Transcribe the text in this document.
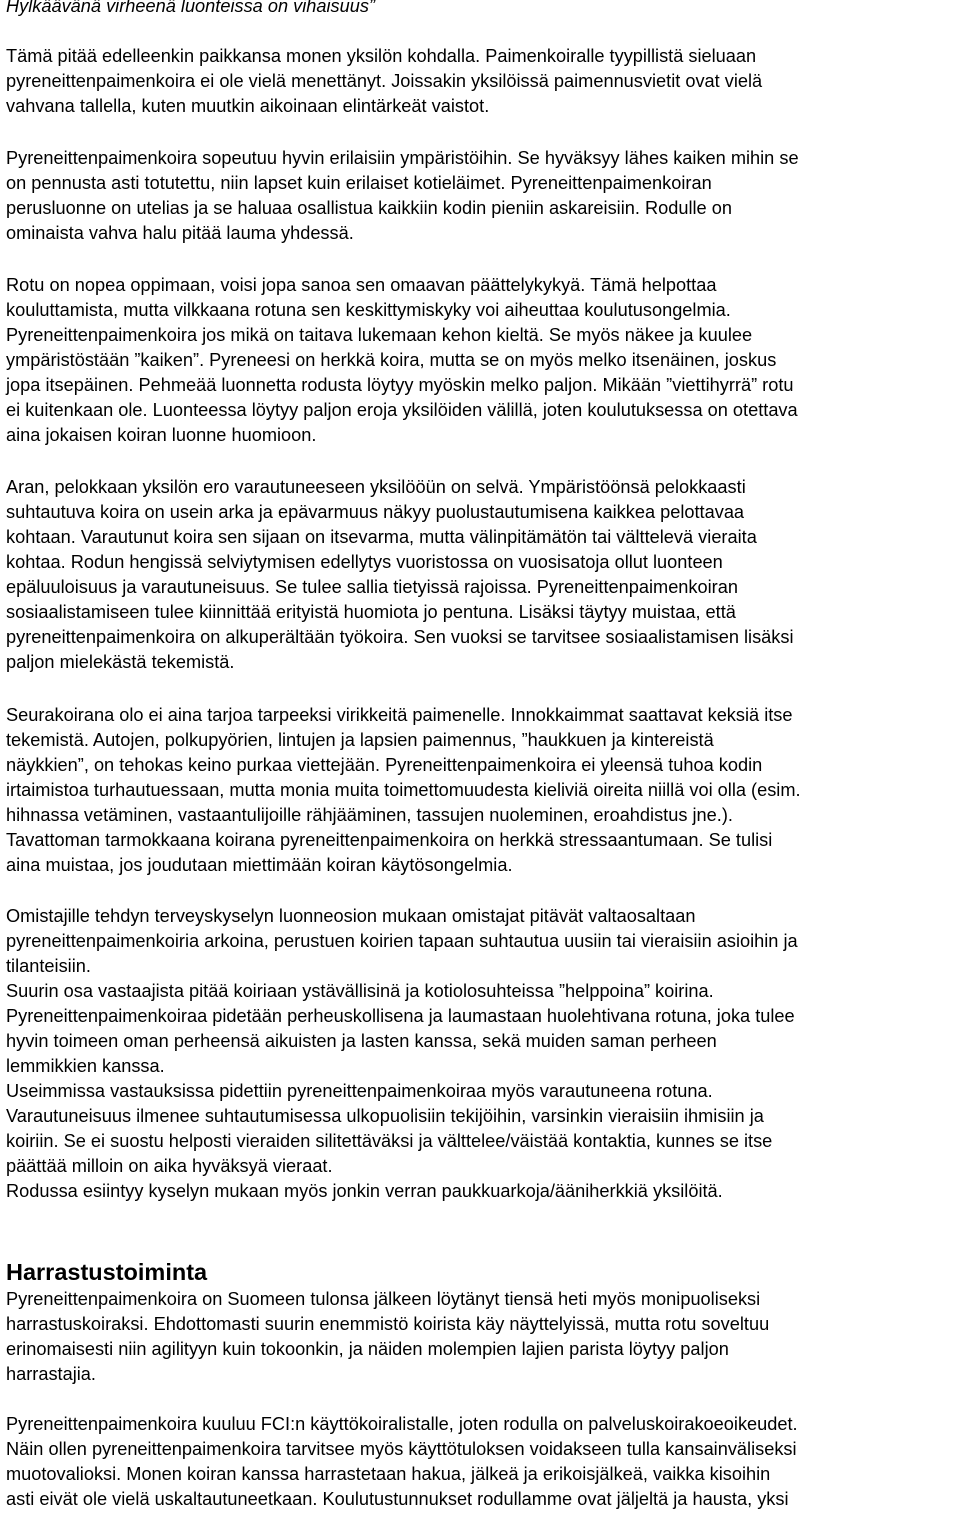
Hylkäävänä virheenä luonteissa on vihaisuus”

Tämä pitää edelleenkin paikkansa monen yksilön kohdalla. Paimenkoiralle tyypillistä sieluaan

pyreneittenpaimenkoira ei ole vielä menettänyt. Joissakin yksilöissä paimennusvietit ovat vielä

vahvana tallella, kuten muutkin aikoinaan elintärkeät vaistot.

Pyreneittenpaimenkoira sopeutuu hyvin erilaisiin ympäristöihin. Se hyväksyy lähes kaiken mihin se

on pennusta asti totutettu, niin lapset kuin erilaiset kotieläimet. Pyreneittenpaimenkoiran

perusluonne on utelias ja se haluaa osallistua kaikkiin kodin pieniin askareisiin. Rodulle on

ominaista vahva halu pitää lauma yhdessä.

Rotu on nopea oppimaan, voisi jopa sanoa sen omaavan päättelykykyä. Tämä helpottaa

kouluttamista, mutta vilkkaana rotuna sen keskittymiskyky voi aiheuttaa koulutusongelmia.

Pyreneittenpaimenkoira jos mikä on taitava lukemaan kehon kieltä. Se myös näkee ja kuulee

ympäristöstään ”kaiken”. Pyreneesi on herkkä koira, mutta se on myös melko itsenäinen, joskus

jopa itsepäinen. Pehmeää luonnetta rodusta löytyy myöskin melko paljon. Mikään ”viettihyrrä” rotu

ei kuitenkaan ole. Luonteessa löytyy paljon eroja yksilöiden välillä, joten koulutuksessa on otettava

aina jokaisen koiran luonne huomioon.

Aran, pelokkaan yksilön ero varautuneeseen yksilööün on selvä. Ympäristöönsä pelokkaasti

suhtautuva koira on usein arka ja epävarmuus näkyy puolustautumisena kaikkea pelottavaa

kohtaan. Varautunut koira sen sijaan on itsevarma, mutta välinpitämätön tai välttelevä vieraita

kohtaa. Rodun hengissä selviytymisen edellytys vuoristossa on vuosisatoja ollut luonteen

epäluuloisuus ja varautuneisuus. Se tulee sallia tietyissä rajoissa. Pyreneittenpaimenkoiran

sosiaalistamiseen tulee kiinnittää erityistä huomiota jo pentuna. Lisäksi täytyy muistaa, että

pyreneittenpaimenkoira on alkuperältään työkoira. Sen vuoksi se tarvitsee sosiaalistamisen lisäksi

paljon mielekästä tekemistä.

Seurakoirana olo ei aina tarjoa tarpeeksi virikkeitä paimenelle. Innokkaimmat saattavat keksiä itse

tekemistä. Autojen, polkupyörien, lintujen ja lapsien paimennus, ”haukkuen ja kintereistä

näykkien”, on tehokas keino purkaa viettejään. Pyreneittenpaimenkoira ei yleensä tuhoa kodin

irtaimistoa turhautuessaan, mutta monia muita toimettomuudesta kieliviä oireita niillä voi olla (esim.

hihnassa vetäminen, vastaantulijoille rähjääminen, tassujen nuoleminen, eroahdistus jne.).

Tavattoman tarmokkaana koirana pyreneittenpaimenkoira on herkkä stressaantumaan. Se tulisi

aina muistaa, jos joudutaan miettimään koiran käytösongelmia.

Omistajille tehdyn terveyskyselyn luonneosion mukaan omistajat pitävät valtaosaltaan

pyreneittenpaimenkoiria arkoina, perustuen koirien tapaan suhtautua uusiin tai vieraisiin asioihin ja

tilanteisiin.

Suurin osa vastaajista pitää koiriaan ystävällisinä ja kotiolosuhteissa ”helppoina” koirina.

Pyreneittenpaimenkoiraa pidetään perheuskollisena ja laumastaan huolehtivana rotuna, joka tulee

hyvin toimeen oman perheensä aikuisten ja lasten kanssa, sekä muiden saman perheen

lemmikkien kanssa.

Useimmissa vastauksissa pidettiin pyreneittenpaimenkoiraa myös varautuneena rotuna.

Varautuneisuus ilmenee suhtautumisessa ulkopuolisiin tekijöihin, varsinkin vieraisiin ihmisiin ja

koiriin. Se ei suostu helposti vieraiden silitettäväksi ja välttelee/väistää kontaktia, kunnes se itse

päättää milloin on aika hyväksyä vieraat.

Rodussa esiintyy kyselyn mukaan myös jonkin verran paukkuarkoja/ääniherkkiä yksilöitä.

Harrastustoiminta

Pyreneittenpaimenkoira on Suomeen tulonsa jälkeen löytänyt tiensä heti myös monipuoliseksi

harrastuskoiraksi. Ehdottomasti suurin enemmistö koirista käy näyttelyissä, mutta rotu soveltuu

erinomaisesti niin agilityyn kuin tokoonkin, ja näiden molempien lajien parista löytyy paljon

harrastajia.

Pyreneittenpaimenkoira kuuluu FCI:n käyttökoiralistalle, joten rodulla on palveluskoirakoeoikeudet.

Näin ollen pyreneittenpaimenkoira tarvitsee myös käyttötuloksen voidakseen tulla kansainväliseksi

muotovalioksi. Monen koiran kanssa harrastetaan hakua, jälkeä ja erikoisjälkeä, vaikka kisoihin

asti eivät ole vielä uskaltautuneetkaan. Koulutustunnukset rodullamme ovat jäljeltä ja hausta, yksi
